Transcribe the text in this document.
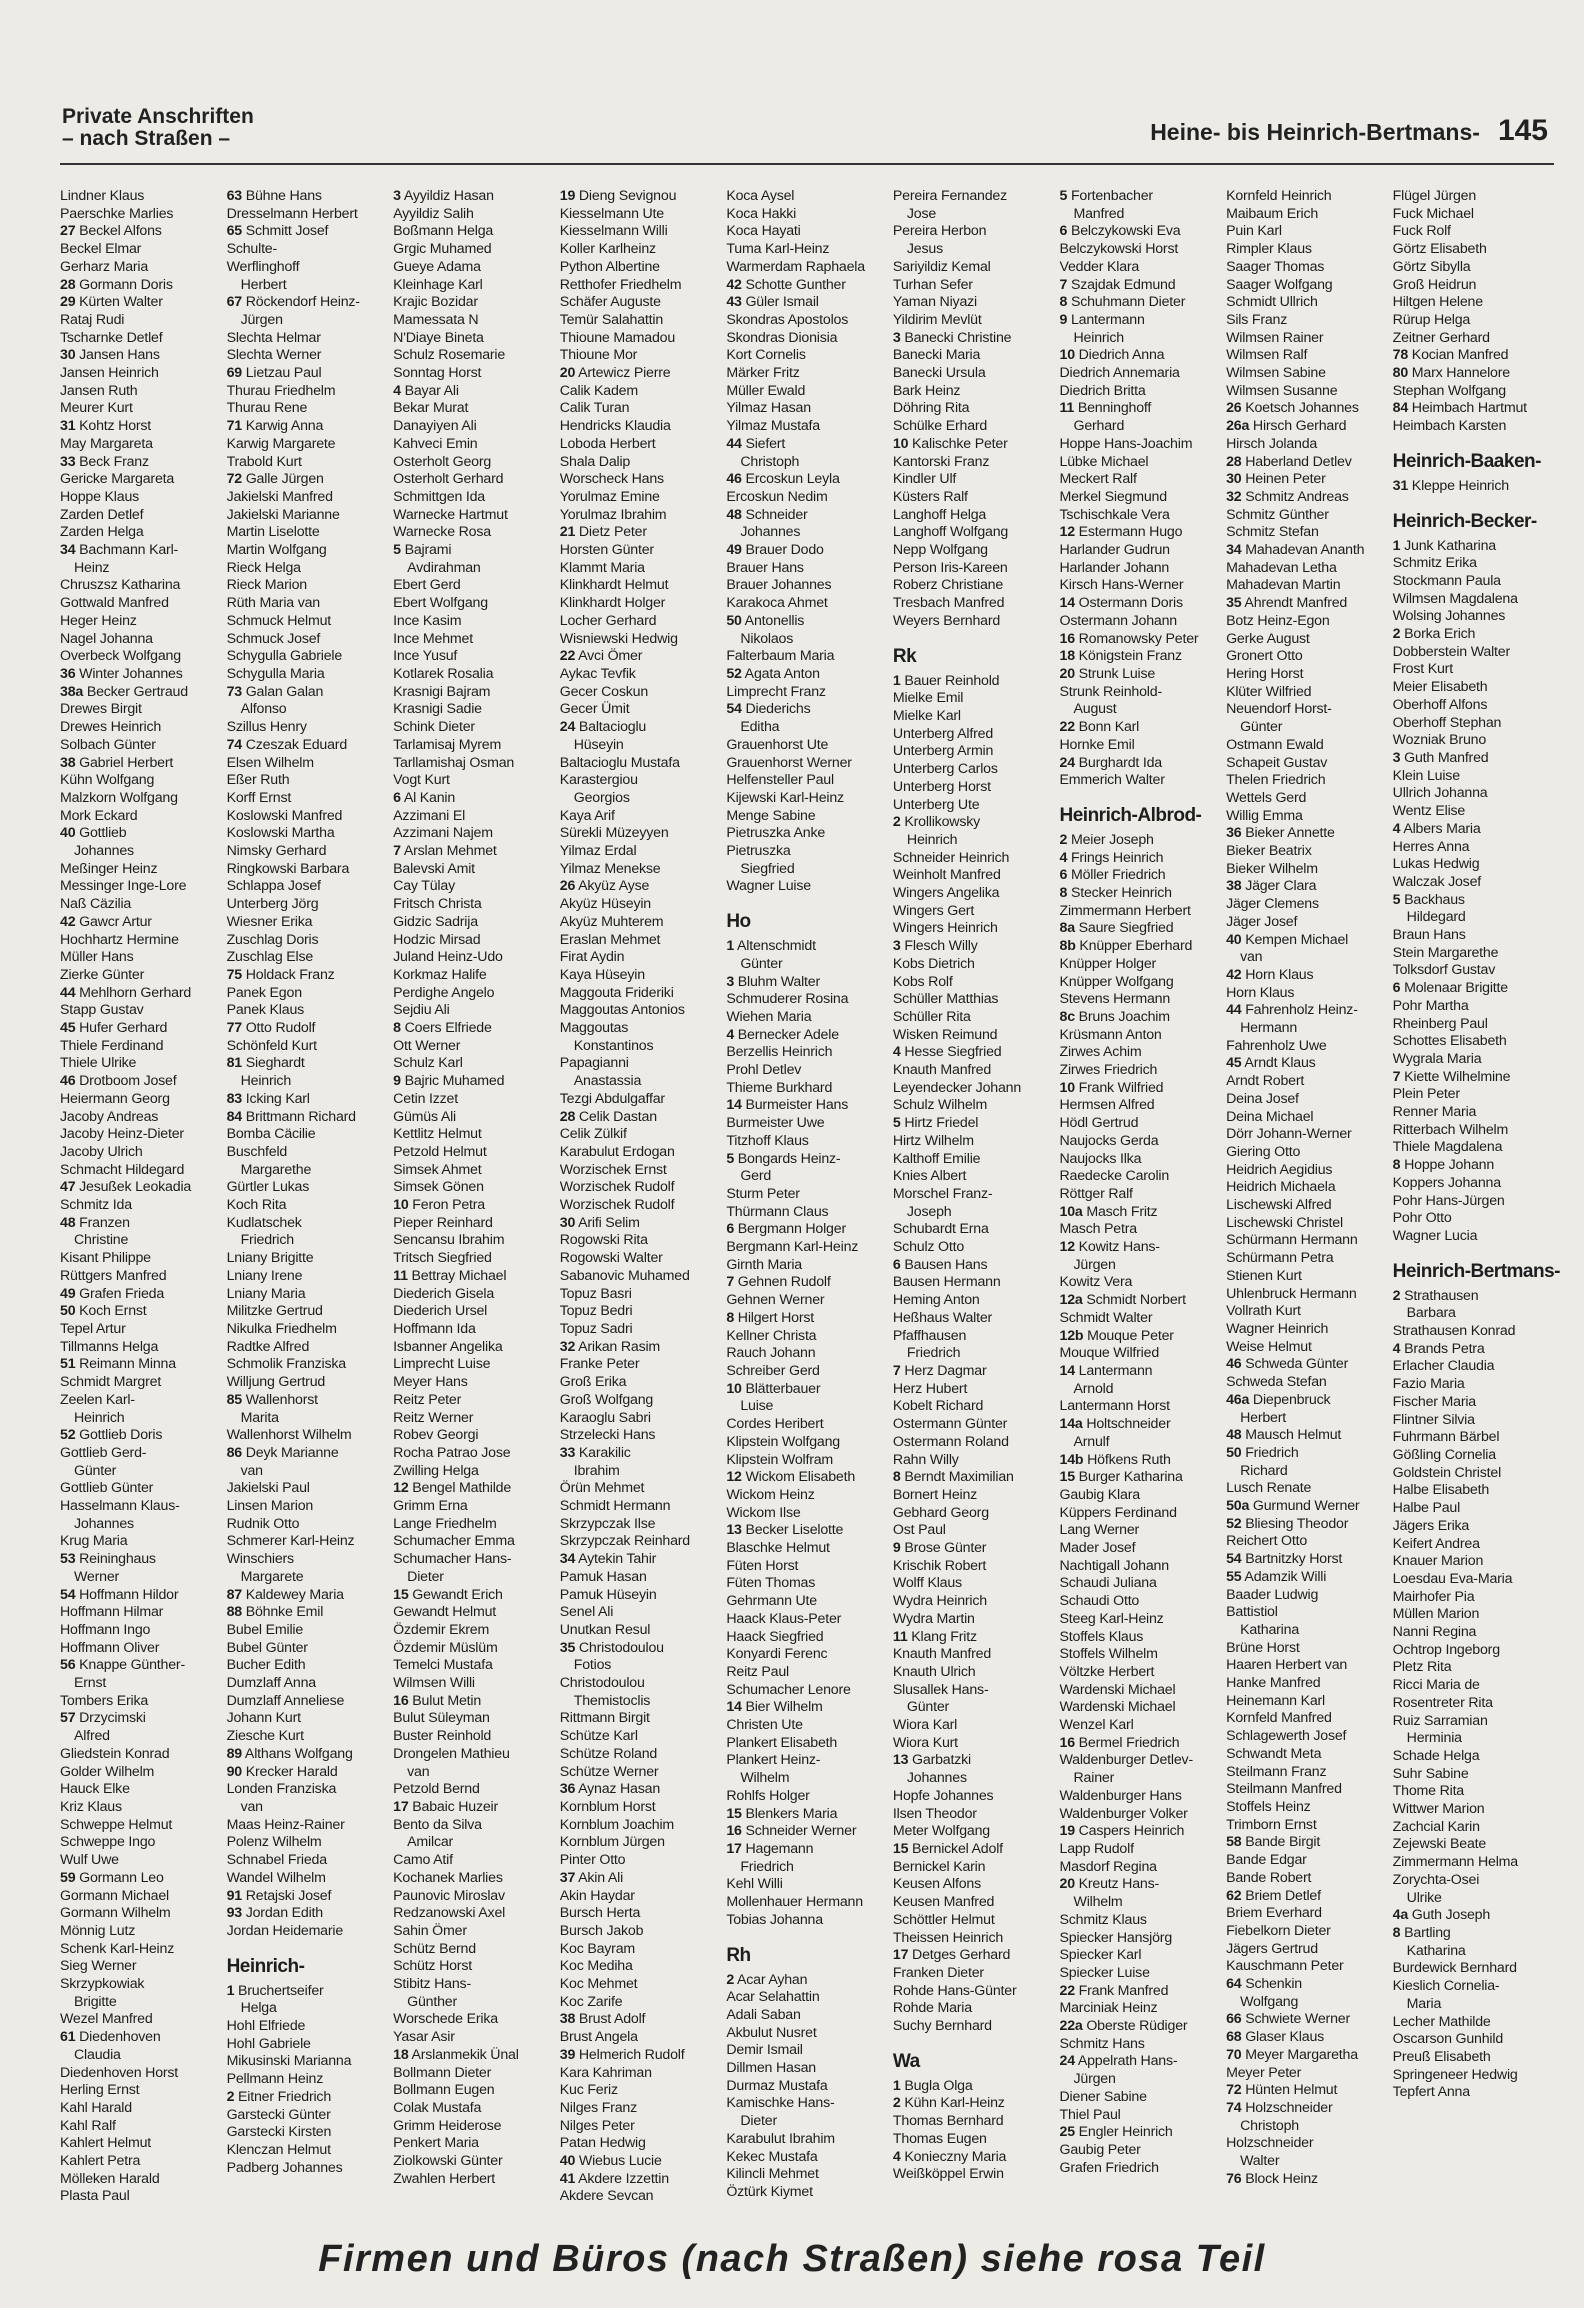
Private Anschriften
– nach Straßen –	Heine- bis Heinrich-Bertmans- 145
Lindner Klaus
Paerschke Marlies
27 Beckel Alfons
Beckel Elmar
Gerharz Maria
28 Gormann Doris
29 Kürten Walter
Rataj Rudi
Tscharnke Detlef
30 Jansen Hans
Jansen Heinrich
Jansen Ruth
Meurer Kurt
31 Kohtz Horst
May Margareta
33 Beck Franz
Gericke Margareta
Hoppe Klaus
Zarden Detlef
Zarden Helga
34 Bachmann Karl-
Heinz
Chruszsz Katharina
Gottwald Manfred
Heger Heinz
Nagel Johanna
Overbeck Wolfgang
36 Winter Johannes
38a Becker Gertraud
Drewes Birgit
Drewes Heinrich
Solbach Günter
38 Gabriel Herbert
Kühn Wolfgang
Malzkorn Wolfgang
Mork Eckard
40 Gottlieb
Johannes
Meßinger Heinz
Messinger Inge-Lore
Naß Cäzilia
42 Gawcr Artur
Hochhartz Hermine
Müller Hans
Zierke Günter
44 Mehlhorn Gerhard
Stapp Gustav
45 Hufer Gerhard
Thiele Ferdinand
Thiele Ulrike
46 Drotboom Josef
Heiermann Georg
Jacoby Andreas
Jacoby Heinz-Dieter
Jacoby Ulrich
Schmacht Hildegard
47 Jesußek Leokadia
Schmitz Ida
48 Franzen
Christine
Kisant Philippe
Rüttgers Manfred
49 Grafen Frieda
50 Koch Ernst
Tepel Artur
Tillmanns Helga
51 Reimann Minna
Schmidt Margret
Zeelen Karl-
Heinrich
52 Gottlieb Doris
Gottlieb Gerd-
Günter
Gottlieb Günter
Hasselmann Klaus-
Johannes
Krug Maria
53 Reininghaus
Werner
54 Hoffmann Hildor
Hoffmann Hilmar
Hoffmann Ingo
Hoffmann Oliver
56 Knappe Günther-
Ernst
Tombers Erika
57 Drzycimski
Alfred
Gliedstein Konrad
Golder Wilhelm
Hauck Elke
Kriz Klaus
Schweppe Helmut
Schweppe Ingo
Wulf Uwe
59 Gormann Leo
Gormann Michael
Gormann Wilhelm
Mönnig Lutz
Schenk Karl-Heinz
Sieg Werner
Skrzypkowiak
Brigitte
Wezel Manfred
61 Diedenhoven
Claudia
Diedenhoven Horst
Herling Ernst
Kahl Harald
Kahl Ralf
Kahlert Helmut
Kahlert Petra
Mölleken Harald
Plasta Paul
63 Bühne Hans
Dresselmann Herbert
65 Schmitt Josef
Schulte-
Werflinghoff
Herbert
67 Röckendorf Heinz-
Jürgen
Slechta Helmar
Slechta Werner
69 Lietzau Paul
Thurau Friedhelm
Thurau Rene
71 Karwig Anna
Karwig Margarete
Trabold Kurt
72 Galle Jürgen
Jakielski Manfred
Jakielski Marianne
Martin Liselotte
Martin Wolfgang
Rieck Helga
Rieck Marion
Rüth Maria van
Schmuck Helmut
Schmuck Josef
Schygulla Gabriele
Schygulla Maria
73 Galan Galan
Alfonso
Szillus Henry
74 Czeszak Eduard
Elsen Wilhelm
Eßer Ruth
Korff Ernst
Koslowski Manfred
Koslowski Martha
Nimsky Gerhard
Ringkowski Barbara
Schlappa Josef
Unterberg Jörg
Wiesner Erika
Zuschlag Doris
Zuschlag Else
75 Holdack Franz
Panek Egon
Panek Klaus
77 Otto Rudolf
Schönfeld Kurt
81 Sieghardt
Heinrich
83 Icking Karl
84 Brittmann Richard
Bomba Cäcilie
Buschfeld
Margarethe
Gürtler Lukas
Koch Rita
Kudlatschek
Friedrich
Lniany Brigitte
Lniany Irene
Lniany Maria
Militzke Gertrud
Nikulka Friedhelm
Radtke Alfred
Schmolik Franziska
Willjung Gertrud
85 Wallenhorst
Marita
Wallenhorst Wilhelm
86 Deyk Marianne
van
Jakielski Paul
Linsen Marion
Rudnik Otto
Schmerer Karl-Heinz
Winschiers
Margarete
87 Kaldewey Maria
88 Böhnke Emil
Bubel Emilie
Bubel Günter
Bucher Edith
Dumzlaff Anna
Dumzlaff Anneliese
Johann Kurt
Ziesche Kurt
89 Althans Wolfgang
90 Krecker Harald
Londen Franziska
van
Maas Heinz-Rainer
Polenz Wilhelm
Schnabel Frieda
Wandel Wilhelm
91 Retajski Josef
93 Jordan Edith
Jordan Heidemarie
Heinrich-
1 Bruchertseifer
Helga
Hohl Elfriede
Hohl Gabriele
Mikusinski Marianna
Pellmann Heinz
2 Eitner Friedrich
Garstecki Günter
Garstecki Kirsten
Klenczan Helmut
Padberg Johannes
3 Ayyildiz Hasan
Ayyildiz Salih
Boßmann Helga
Grgic Muhamed
Gueye Adama
Kleinhage Karl
Krajic Bozidar
Mamessata N
N'Diaye Bineta
Schulz Rosemarie
Sonntag Horst
4 Bayar Ali
Bekar Murat
Danayiyen Ali
Kahveci Emin
Osterholt Georg
Osterholt Gerhard
Schmittgen Ida
Warnecke Hartmut
Warnecke Rosa
5 Bajrami
Avdirahman
Ebert Gerd
Ebert Wolfgang
Ince Kasim
Ince Mehmet
Ince Yusuf
Kotlarek Rosalia
Krasnigi Bajram
Krasnigi Sadie
Schink Dieter
Tarlamisaj Myrem
Tarllamishaj Osman
Vogt Kurt
6 Al Kanin
Azzimani El
Azzimani Najem
7 Arslan Mehmet
Balevski Amit
Cay Tülay
Fritsch Christa
Gidzic Sadrija
Hodzic Mirsad
Juland Heinz-Udo
Korkmaz Halife
Perdighe Angelo
Sejdiu Ali
8 Coers Elfriede
Ott Werner
Schulz Karl
9 Bajric Muhamed
Cetin Izzet
Gümüs Ali
Kettlitz Helmut
Petzold Helmut
Simsek Ahmet
Simsek Gönen
10 Feron Petra
Pieper Reinhard
Sencansu Ibrahim
Tritsch Siegfried
11 Bettray Michael
Diederich Gisela
Diederich Ursel
Hoffmann Ida
Isbanner Angelika
Limprecht Luise
Meyer Hans
Reitz Peter
Reitz Werner
Robev Georgi
Rocha Patrao Jose
Zwilling Helga
12 Bengel Mathilde
Grimm Erna
Lange Friedhelm
Schumacher Emma
Schumacher Hans-
Dieter
15 Gewandt Erich
Gewandt Helmut
Özdemir Ekrem
Özdemir Müslüm
Temelci Mustafa
Wilmsen Willi
16 Bulut Metin
Bulut Süleyman
Buster Reinhold
Drongelen Mathieu
van
Petzold Bernd
17 Babaic Huzeir
Bento da Silva
Amilcar
Camo Atif
Kochanek Marlies
Paunovic Miroslav
Redzanowski Axel
Sahin Ömer
Schütz Bernd
Schütz Horst
Stibitz Hans-
Günther
Worschede Erika
Yasar Asir
18 Arslanmekik Ünal
Bollmann Dieter
Bollmann Eugen
Colak Mustafa
Grimm Heiderose
Penkert Maria
Ziolkowski Günter
Zwahlen Herbert
19 Dieng Sevignou
Kiesselmann Ute
Kiesselmann Willi
Koller Karlheinz
Python Albertine
Retthofer Friedhelm
Schäfer Auguste
Temür Salahattin
Thioune Mamadou
Thioune Mor
20 Artewicz Pierre
Calik Kadem
Calik Turan
Hendricks Klaudia
Loboda Herbert
Shala Dalip
Worscheck Hans
Yorulmaz Emine
Yorulmaz Ibrahim
21 Dietz Peter
Horsten Günter
Klammt Maria
Klinkhardt Helmut
Klinkhardt Holger
Locher Gerhard
Wisniewski Hedwig
22 Avci Ömer
Aykac Tevfik
Gecer Coskun
Gecer Ümit
24 Baltacioglu
Hüseyin
Baltacioglu Mustafa
Karastergiou
Georgios
Kaya Arif
Sürekli Müzeyyen
Yilmaz Erdal
Yilmaz Menekse
26 Akyüz Ayse
Akyüz Hüseyin
Akyüz Muhterem
Eraslan Mehmet
Firat Aydin
Kaya Hüseyin
Maggouta Frideriki
Maggoutas Antonios
Maggoutas
Konstantinos
Papagianni
Anastassia
Tezgi Abdulgaffar
28 Celik Dastan
Celik Zülkif
Karabulut Erdogan
Worzischek Ernst
Worzischek Rudolf
Worzischek Rudolf
30 Arifi Selim
Rogowski Rita
Rogowski Walter
Sabanovic Muhamed
Topuz Basri
Topuz Bedri
Topuz Sadri
32 Arikan Rasim
Franke Peter
Groß Erika
Groß Wolfgang
Karaoglu Sabri
Strzelecki Hans
33 Karakilic
Ibrahim
Örün Mehmet
Schmidt Hermann
Skrzypczak Ilse
Skrzypczak Reinhard
34 Aytekin Tahir
Pamuk Hasan
Pamuk Hüseyin
Senel Ali
Unutkan Resul
35 Christodoulou
Fotios
Christodoulou
Themistoclis
Rittmann Birgit
Schütze Karl
Schütze Roland
Schütze Werner
36 Aynaz Hasan
Kornblum Horst
Kornblum Joachim
Kornblum Jürgen
Pinter Otto
37 Akin Ali
Akin Haydar
Bursch Herta
Bursch Jakob
Koc Bayram
Koc Mediha
Koc Mehmet
Koc Zarife
38 Brust Adolf
Brust Angela
39 Helmerich Rudolf
Kara Kahriman
Kuc Feriz
Nilges Franz
Nilges Peter
Patan Hedwig
40 Wiebus Lucie
41 Akdere Izzettin
Akdere Sevcan
Koca Aysel
Koca Hakki
Koca Hayati
Tuma Karl-Heinz
Warmerdam Raphaela
42 Schotte Gunther
43 Güler Ismail
Skondras Apostolos
Skondras Dionisia
Kort Cornelis
Märker Fritz
Müller Ewald
Yilmaz Hasan
Yilmaz Mustafa
44 Siefert
Christoph
46 Ercoskun Leyla
Ercoskun Nedim
48 Schneider
Johannes
49 Brauer Dodo
Brauer Hans
Brauer Johannes
Karakoca Ahmet
50 Antonellis
Nikolaos
Falterbaum Maria
52 Agata Anton
Limprecht Franz
54 Diederichs
Editha
Grauenhorst Ute
Grauenhorst Werner
Helfensteller Paul
Kijewski Karl-Heinz
Menge Sabine
Pietruszka Anke
Pietruszka
Siegfried
Wagner Luise
Ho
1 Altenschmidt
Günter
3 Bluhm Walter
Schmuderer Rosina
Wiehen Maria
4 Bernecker Adele
Berzellis Heinrich
Prohl Detlev
Thieme Burkhard
14 Burmeister Hans
Burmeister Uwe
Titzhoff Klaus
5 Bongards Heinz-
Gerd
Sturm Peter
Thürmann Claus
6 Bergmann Holger
Bergmann Karl-Heinz
Girnth Maria
7 Gehnen Rudolf
Gehnen Werner
8 Hilgert Horst
Kellner Christa
Rauch Johann
Schreiber Gerd
10 Blätterbauer
Luise
Cordes Heribert
Klipstein Wolfgang
Klipstein Wolfram
12 Wickom Elisabeth
Wickom Heinz
Wickom Ilse
13 Becker Liselotte
Blaschke Helmut
Füten Horst
Füten Thomas
Gehrmann Ute
Haack Klaus-Peter
Haack Siegfried
Konyardi Ferenc
Reitz Paul
Schumacher Lenore
14 Bier Wilhelm
Christen Ute
Plankert Elisabeth
Plankert Heinz-
Wilhelm
Rohlfs Holger
15 Blenkers Maria
16 Schneider Werner
17 Hagemann
Friedrich
Kehl Willi
Mollenhauer Hermann
Tobias Johanna
Rh
2 Acar Ayhan
Acar Selahattin
Adali Saban
Akbulut Nusret
Demir Ismail
Dillmen Hasan
Durmaz Mustafa
Kamischke Hans-
Dieter
Karabulut Ibrahim
Kekec Mustafa
Kilincli Mehmet
Öztürk Kiymet
Pereira Fernandez
Jose
Pereira Herbon
Jesus
Sariyildiz Kemal
Turhan Sefer
Yaman Niyazi
Yildirim Mevlüt
3 Banecki Christine
Banecki Maria
Banecki Ursula
Bark Heinz
Döhring Rita
Schülke Erhard
10 Kalischke Peter
Kantorski Franz
Kindler Ulf
Küsters Ralf
Langhoff Helga
Langhoff Wolfgang
Nepp Wolfgang
Person Iris-Kareen
Roberz Christiane
Tresbach Manfred
Weyers Bernhard
Rk
1 Bauer Reinhold
Mielke Emil
Mielke Karl
Unterberg Alfred
Unterberg Armin
Unterberg Carlos
Unterberg Horst
Unterberg Ute
2 Krollikowsky
Heinrich
Schneider Heinrich
Weinholt Manfred
Wingers Angelika
Wingers Gert
Wingers Heinrich
3 Flesch Willy
Kobs Dietrich
Kobs Rolf
Schüller Matthias
Schüller Rita
Wisken Reimund
4 Hesse Siegfried
Knauth Manfred
Leyendecker Johann
Schulz Wilhelm
5 Hirtz Friedel
Hirtz Wilhelm
Kalthoff Emilie
Knies Albert
Morschel Franz-
Joseph
Schubardt Erna
Schulz Otto
6 Bausen Hans
Bausen Hermann
Heming Anton
Heßhaus Walter
Pfaffhausen
Friedrich
7 Herz Dagmar
Herz Hubert
Kobelt Richard
Ostermann Günter
Ostermann Roland
Rahn Willy
8 Berndt Maximilian
Bornert Heinz
Gebhard Georg
Ost Paul
9 Brose Günter
Krischik Robert
Wolff Klaus
Wydra Heinrich
Wydra Martin
11 Klang Fritz
Knauth Manfred
Knauth Ulrich
Slusallek Hans-
Günter
Wiora Karl
Wiora Kurt
13 Garbatzki
Johannes
Hopfe Johannes
Ilsen Theodor
Meter Wolfgang
15 Bernickel Adolf
Bernickel Karin
Keusen Alfons
Keusen Manfred
Schöttler Helmut
Theissen Heinrich
17 Detges Gerhard
Franken Dieter
Rohde Hans-Günter
Rohde Maria
Suchy Bernhard
Wa
1 Bugla Olga
2 Kühn Karl-Heinz
Thomas Bernhard
Thomas Eugen
4 Konieczny Maria
Weißköppel Erwin
5 Fortenbacher
Manfred
6 Belczykowski Eva
Belczykowski Horst
Vedder Klara
7 Szajdak Edmund
8 Schuhmann Dieter
9 Lantermann
Heinrich
10 Diedrich Anna
Diedrich Annemaria
Diedrich Britta
11 Benninghoff
Gerhard
Hoppe Hans-Joachim
Lübke Michael
Meckert Ralf
Merkel Siegmund
Tschischkale Vera
12 Estermann Hugo
Harlander Gudrun
Harlander Johann
Kirsch Hans-Werner
14 Ostermann Doris
Ostermann Johann
16 Romanowsky Peter
18 Königstein Franz
20 Strunk Luise
Strunk Reinhold-
August
22 Bonn Karl
Hornke Emil
24 Burghardt Ida
Emmerich Walter
Heinrich-Albrod-
2 Meier Joseph
4 Frings Heinrich
6 Möller Friedrich
8 Stecker Heinrich
Zimmermann Herbert
8a Saure Siegfried
8b Knüpper Eberhard
Knüpper Holger
Knüpper Wolfgang
Stevens Hermann
8c Bruns Joachim
Krüsmann Anton
Zirwes Achim
Zirwes Friedrich
10 Frank Wilfried
Hermsen Alfred
Hödl Gertrud
Naujocks Gerda
Naujocks Ilka
Raedecke Carolin
Röttger Ralf
10a Masch Fritz
Masch Petra
12 Kowitz Hans-
Jürgen
Kowitz Vera
12a Schmidt Norbert
Schmidt Walter
12b Mouque Peter
Mouque Wilfried
14 Lantermann
Arnold
Lantermann Horst
14a Holtschneider
Arnulf
14b Höfkens Ruth
15 Burger Katharina
Gaubig Klara
Küppers Ferdinand
Lang Werner
Mader Josef
Nachtigall Johann
Schaudi Juliana
Schaudi Otto
Steeg Karl-Heinz
Stoffels Klaus
Stoffels Wilhelm
Völtzke Herbert
Wardenski Michael
Wardenski Michael
Wenzel Karl
16 Bermel Friedrich
Waldenburger Detlev-
Rainer
Waldenburger Hans
Waldenburger Volker
19 Caspers Heinrich
Lapp Rudolf
Masdorf Regina
20 Kreutz Hans-
Wilhelm
Schmitz Klaus
Spiecker Hansjörg
Spiecker Karl
Spiecker Luise
22 Frank Manfred
Marciniak Heinz
22a Oberste Rüdiger
Schmitz Hans
24 Appelrath Hans-
Jürgen
Diener Sabine
Thiel Paul
25 Engler Heinrich
Gaubig Peter
Grafen Friedrich
Kornfeld Heinrich
Maibaum Erich
Puin Karl
Rimpler Klaus
Saager Thomas
Saager Wolfgang
Schmidt Ullrich
Sils Franz
Wilmsen Rainer
Wilmsen Ralf
Wilmsen Sabine
Wilmsen Susanne
26 Koetsch Johannes
26a Hirsch Gerhard
Hirsch Jolanda
28 Haberland Detlev
30 Heinen Peter
32 Schmitz Andreas
Schmitz Günther
Schmitz Stefan
34 Mahadevan Ananth
Mahadevan Letha
Mahadevan Martin
35 Ahrendt Manfred
Botz Heinz-Egon
Gerke August
Gronert Otto
Hering Horst
Klüter Wilfried
Neuendorf Horst-
Günter
Ostmann Ewald
Schapeit Gustav
Thelen Friedrich
Wettels Gerd
Willig Emma
36 Bieker Annette
Bieker Beatrix
Bieker Wilhelm
38 Jäger Clara
Jäger Clemens
Jäger Josef
40 Kempen Michael
van
42 Horn Klaus
Horn Klaus
44 Fahrenholz Heinz-
Hermann
Fahrenholz Uwe
45 Arndt Klaus
Arndt Robert
Deina Josef
Deina Michael
Dörr Johann-Werner
Giering Otto
Heidrich Aegidius
Heidrich Michaela
Lischewski Alfred
Lischewski Christel
Schürmann Hermann
Schürmann Petra
Stienen Kurt
Uhlenbruck Hermann
Vollrath Kurt
Wagner Heinrich
Weise Helmut
46 Schweda Günter
Schweda Stefan
46a Diepenbruck
Herbert
48 Mausch Helmut
50 Friedrich
Richard
Lusch Renate
50a Gurmund Werner
52 Bliesing Theodor
Reichert Otto
54 Bartnitzky Horst
55 Adamzik Willi
Baader Ludwig
Battistiol
Katharina
Brüne Horst
Haaren Herbert van
Hanke Manfred
Heinemann Karl
Kornfeld Manfred
Schlagewerth Josef
Schwandt Meta
Steilmann Franz
Steilmann Manfred
Stoffels Heinz
Trimborn Ernst
58 Bande Birgit
Bande Edgar
Bande Robert
62 Briem Detlef
Briem Everhard
Fiebelkorn Dieter
Jägers Gertrud
Kauschmann Peter
64 Schenkin
Wolfgang
66 Schwiete Werner
68 Glaser Klaus
70 Meyer Margaretha
Meyer Peter
72 Hünten Helmut
74 Holzschneider
Christoph
Holzschneider
Walter
76 Block Heinz
Flügel Jürgen
Fuck Michael
Fuck Rolf
Görtz Elisabeth
Görtz Sibylla
Groß Heidrun
Hiltgen Helene
Rürup Helga
Zeitner Gerhard
78 Kocian Manfred
80 Marx Hannelore
Stephan Wolfgang
84 Heimbach Hartmut
Heimbach Karsten
Heinrich-Baaken-
31 Kleppe Heinrich
Heinrich-Becker-
1 Junk Katharina
Schmitz Erika
Stockmann Paula
Wilmsen Magdalena
Wolsing Johannes
2 Borka Erich
Dobberstein Walter
Frost Kurt
Meier Elisabeth
Oberhoff Alfons
Oberhoff Stephan
Wozniak Bruno
3 Guth Manfred
Klein Luise
Ullrich Johanna
Wentz Elise
4 Albers Maria
Herres Anna
Lukas Hedwig
Walczak Josef
5 Backhaus
Hildegard
Braun Hans
Stein Margarethe
Tolksdorf Gustav
6 Molenaar Brigitte
Pohr Martha
Rheinberg Paul
Schottes Elisabeth
Wygrala Maria
7 Kiette Wilhelmine
Plein Peter
Renner Maria
Ritterbach Wilhelm
Thiele Magdalena
8 Hoppe Johann
Koppers Johanna
Pohr Hans-Jürgen
Pohr Otto
Wagner Lucia
Heinrich-Bertmans-
2 Strathausen
Barbara
Strathausen Konrad
4 Brands Petra
Erlacher Claudia
Fazio Maria
Fischer Maria
Flintner Silvia
Fuhrmann Bärbel
Gößling Cornelia
Goldstein Christel
Halbe Elisabeth
Halbe Paul
Jägers Erika
Keifert Andrea
Knauer Marion
Loesdau Eva-Maria
Mairhofer Pia
Müllen Marion
Nanni Regina
Ochtrop Ingeborg
Pletz Rita
Ricci Maria de
Rosentreter Rita
Ruiz Sarramian
Herminia
Schade Helga
Suhr Sabine
Thome Rita
Wittwer Marion
Zachcial Karin
Zejewski Beate
Zimmermann Helma
Zorychta-Osei
Ulrike
4a Guth Joseph
8 Bartling
Katharina
Burdewick Bernhard
Kieslich Cornelia-
Maria
Lecher Mathilde
Oscarson Gunhild
Preuß Elisabeth
Springeneer Hedwig
Tepfert Anna
Firmen und Büros (nach Straßen) siehe rosa Teil
